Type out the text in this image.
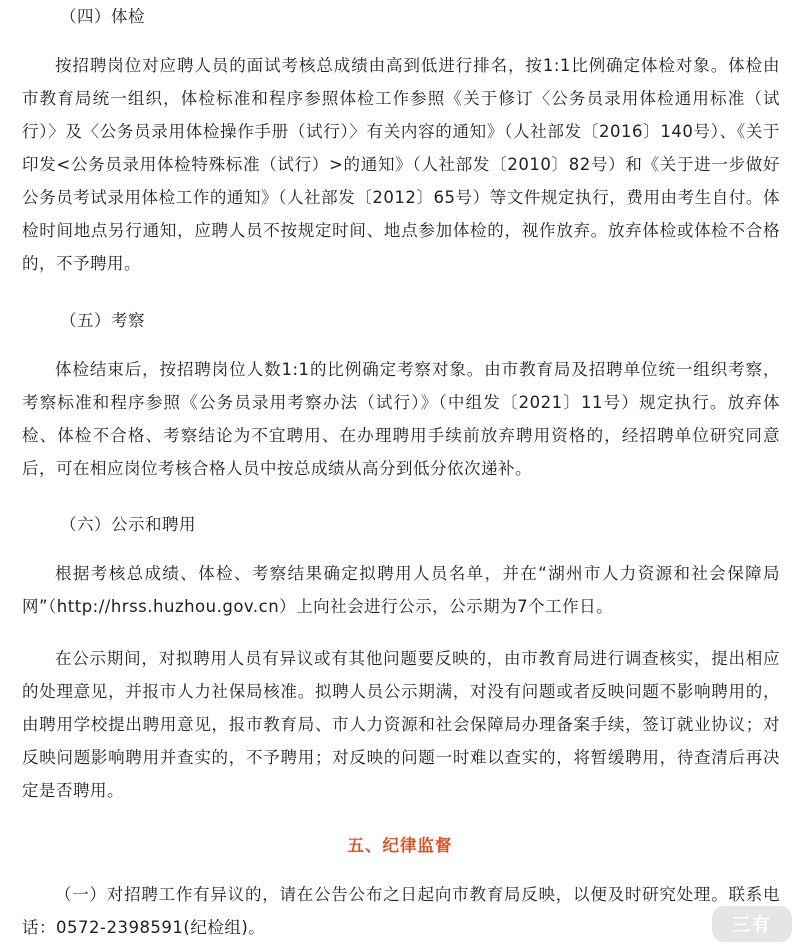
（四）体检

按招聘岗位对应聘人员的面试考核总成绩由高到低进行排名，按1:1比例确定体检对象。体检由市教育局统一组织，体检标准和程序参照体检工作参照《关于修订〈公务员录用体检通用标准（试行）〉及〈公务员录用体检操作手册（试行）〉有关内容的通知》（人社部发〔2016〕140号）、《关于印发<公务员录用体检特殊标准（试行）>的通知》（人社部发〔2010〕82号）和《关于进一步做好公务员考试录用体检工作的通知》（人社部发〔2012〕65号）等文件规定执行，费用由考生自付。体检时间地点另行通知，应聘人员不按规定时间、地点参加体检的，视作放弃。放弃体检或体检不合格的，不予聘用。

（五）考察

体检结束后，按招聘岗位人数1:1的比例确定考察对象。由市教育局及招聘单位统一组织考察，考察标准和程序参照《公务员录用考察办法（试行）》（中组发〔2021〕11号）规定执行。放弃体检、体检不合格、考察结论为不宜聘用、在办理聘用手续前放弃聘用资格的，经招聘单位研究同意后，可在相应岗位考核合格人员中按总成绩从高分到低分依次递补。

（六）公示和聘用

根据考核总成绩、体检、考察结果确定拟聘用人员名单，并在“湖州市人力资源和社会保障局网”（http://hrss.huzhou.gov.cn）上向社会进行公示，公示期为7个工作日。

在公示期间，对拟聘用人员有异议或有其他问题要反映的，由市教育局进行调查核实，提出相应的处理意见，并报市人力社保局核准。拟聘人员公示期满，对没有问题或者反映问题不影响聘用的，由聘用学校提出聘用意见，报市教育局、市人力资源和社会保障局办理备案手续，签订就业协议；对反映问题影响聘用并查实的，不予聘用；对反映的问题一时难以查实的，将暂缓聘用，待查清后再决定是否聘用。

五、纪律监督

（一）对招聘工作有异议的，请在公告公布之日起向市教育局反映，以便及时研究处理。联系电话：0572-2398591(纪检组)。	三有
